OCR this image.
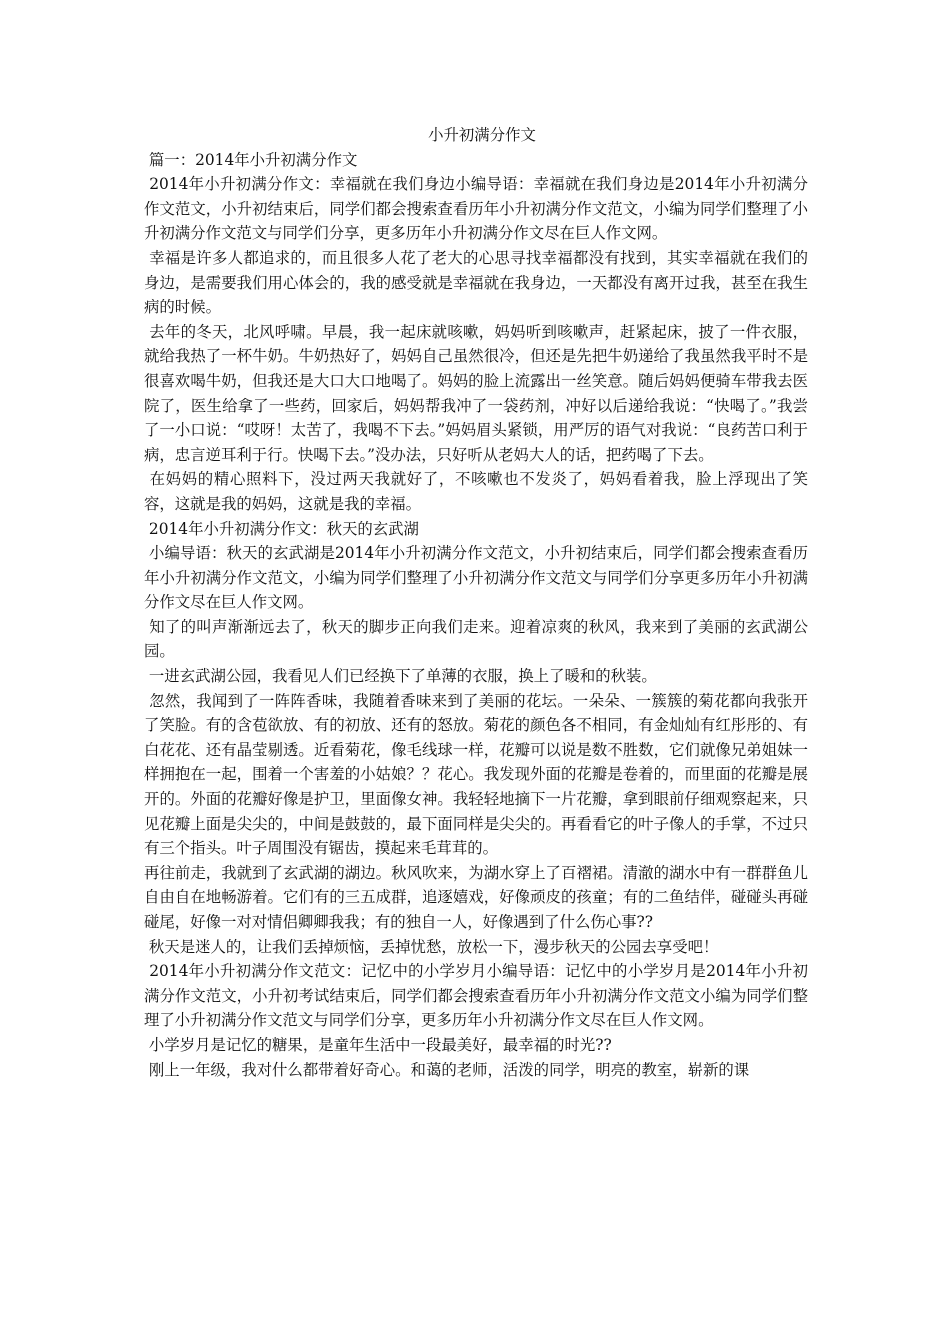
小升初满分作文

篇一：2014年小升初满分作文

2014年小升初满分作文：幸福就在我们身边小编导语：幸福就在我们身边是2014年小升初满分作文范文，小升初结束后，同学们都会搜索查看历年小升初满分作文范文，小编为同学们整理了小升初满分作文范文与同学们分享，更多历年小升初满分作文尽在巨人作文网。

幸福是许多人都追求的，而且很多人花了老大的心思寻找幸福都没有找到，其实幸福就在我们的身边，是需要我们用心体会的，我的感受就是幸福就在我身边，一天都没有离开过我，甚至在我生病的时候。

去年的冬天，北风呼啸。早晨，我一起床就咳嗽，妈妈听到咳嗽声，赶紧起床，披了一件衣服，就给我热了一杯牛奶。牛奶热好了，妈妈自己虽然很冷，但还是先把牛奶递给了我虽然我平时不是很喜欢喝牛奶，但我还是大口大口地喝了。妈妈的脸上流露出一丝笑意。随后妈妈便骑车带我去医院了，医生给拿了一些药，回家后，妈妈帮我冲了一袋药剂，冲好以后递给我说：“快喝了。”我尝了一小口说：“哎呀！太苦了，我喝不下去。”妈妈眉头紧锁，用严厉的语气对我说：“良药苦口利于病，忠言逆耳利于行。快喝下去。”没办法，只好听从老妈大人的话，把药喝了下去。

在妈妈的精心照料下，没过两天我就好了，不咳嗽也不发炎了，妈妈看着我，脸上浮现出了笑容，这就是我的妈妈，这就是我的幸福。

2014年小升初满分作文：秋天的玄武湖

小编导语：秋天的玄武湖是2014年小升初满分作文范文，小升初结束后，同学们都会搜索查看历年小升初满分作文范文，小编为同学们整理了小升初满分作文范文与同学们分享更多历年小升初满分作文尽在巨人作文网。

知了的叫声渐渐远去了，秋天的脚步正向我们走来。迎着凉爽的秋风，我来到了美丽的玄武湖公园。

一进玄武湖公园，我看见人们已经换下了单薄的衣服，换上了暖和的秋装。

忽然，我闻到了一阵阵香味，我随着香味来到了美丽的花坛。一朵朵、一簇簇的菊花都向我张开了笑脸。有的含苞欲放、有的初放、还有的怒放。菊花的颜色各不相同，有金灿灿有红彤彤的、有白花花、还有晶莹剔透。近看菊花，像毛线球一样，花瓣可以说是数不胜数，它们就像兄弟姐妹一样拥抱在一起，围着一个害羞的小姑娘？？花心。我发现外面的花瓣是卷着的，而里面的花瓣是展开的。外面的花瓣好像是护卫，里面像女神。我轻轻地摘下一片花瓣，拿到眼前仔细观察起来，只见花瓣上面是尖尖的，中间是鼓鼓的，最下面同样是尖尖的。再看看它的叶子像人的手掌，不过只有三个指头。叶子周围没有锯齿，摸起来毛茸茸的。

再往前走，我就到了玄武湖的湖边。秋风吹来，为湖水穿上了百褶裙。清澈的湖水中有一群群鱼儿自由自在地畅游着。它们有的三五成群，追逐嬉戏，好像顽皮的孩童；有的二鱼结伴，碰碰头再碰碰尾，好像一对对情侣卿卿我我；有的独自一人，好像遇到了什么伤心事??

秋天是迷人的，让我们丢掉烦恼，丢掉忧愁，放松一下，漫步秋天的公园去享受吧！

2014年小升初满分作文范文：记忆中的小学岁月小编导语：记忆中的小学岁月是2014年小升初满分作文范文，小升初考试结束后，同学们都会搜索查看历年小升初满分作文范文小编为同学们整理了小升初满分作文范文与同学们分享，更多历年小升初满分作文尽在巨人作文网。

小学岁月是记忆的糖果，是童年生活中一段最美好，最幸福的时光??

刚上一年级，我对什么都带着好奇心。和蔼的老师，活泼的同学，明亮的教室，崭新的课
